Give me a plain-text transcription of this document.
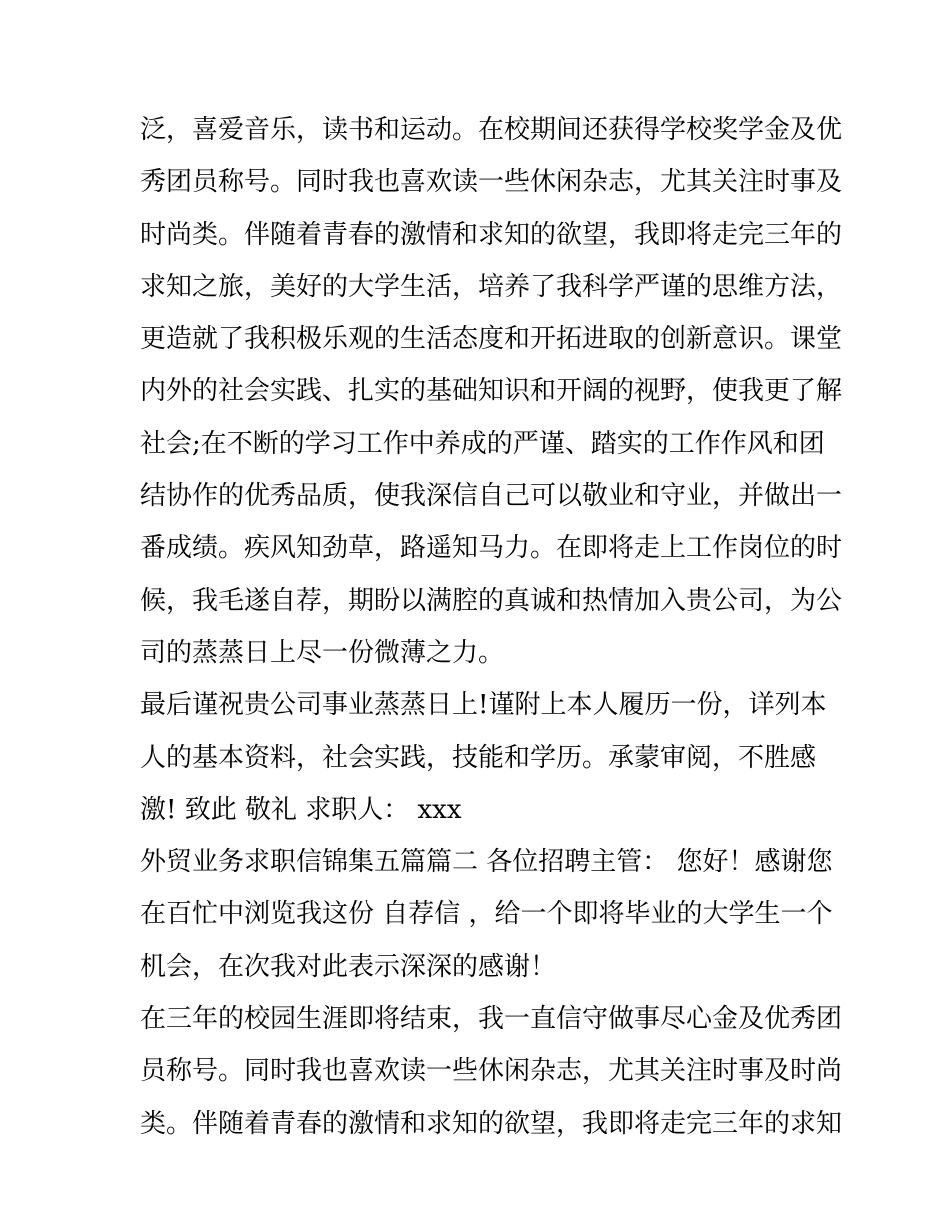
泛，喜爱音乐，读书和运动。在校期间还获得学校奖学金及优
秀团员称号。同时我也喜欢读一些休闲杂志，尤其关注时事及
时尚类。伴随着青春的激情和求知的欲望，我即将走完三年的
求知之旅，美好的大学生活，培养了我科学严谨的思维方法，
更造就了我积极乐观的生活态度和开拓进取的创新意识。课堂
内外的社会实践、扎实的基础知识和开阔的视野，使我更了解
社会;在不断的学习工作中养成的严谨、踏实的工作作风和团
结协作的优秀品质，使我深信自己可以敬业和守业，并做出一
番成绩。疾风知劲草，路遥知马力。在即将走上工作岗位的时
候，我毛遂自荐，期盼以满腔的真诚和热情加入贵公司，为公
司的蒸蒸日上尽一份微薄之力。
最后谨祝贵公司事业蒸蒸日上!谨附上本人履历一份，详列本
人的基本资料，社会实践，技能和学历。承蒙审阅，不胜感
激! 致此 敬礼 求职人： xxx
外贸业务求职信锦集五篇篇二 各位招聘主管： 您好！感谢您
在百忙中浏览我这份 自荐信 ，给一个即将毕业的大学生一个
机会，在次我对此表示深深的感谢！
在三年的校园生涯即将结束，我一直信守做事尽心金及优秀团
员称号。同时我也喜欢读一些休闲杂志，尤其关注时事及时尚
类。伴随着青春的激情和求知的欲望，我即将走完三年的求知
